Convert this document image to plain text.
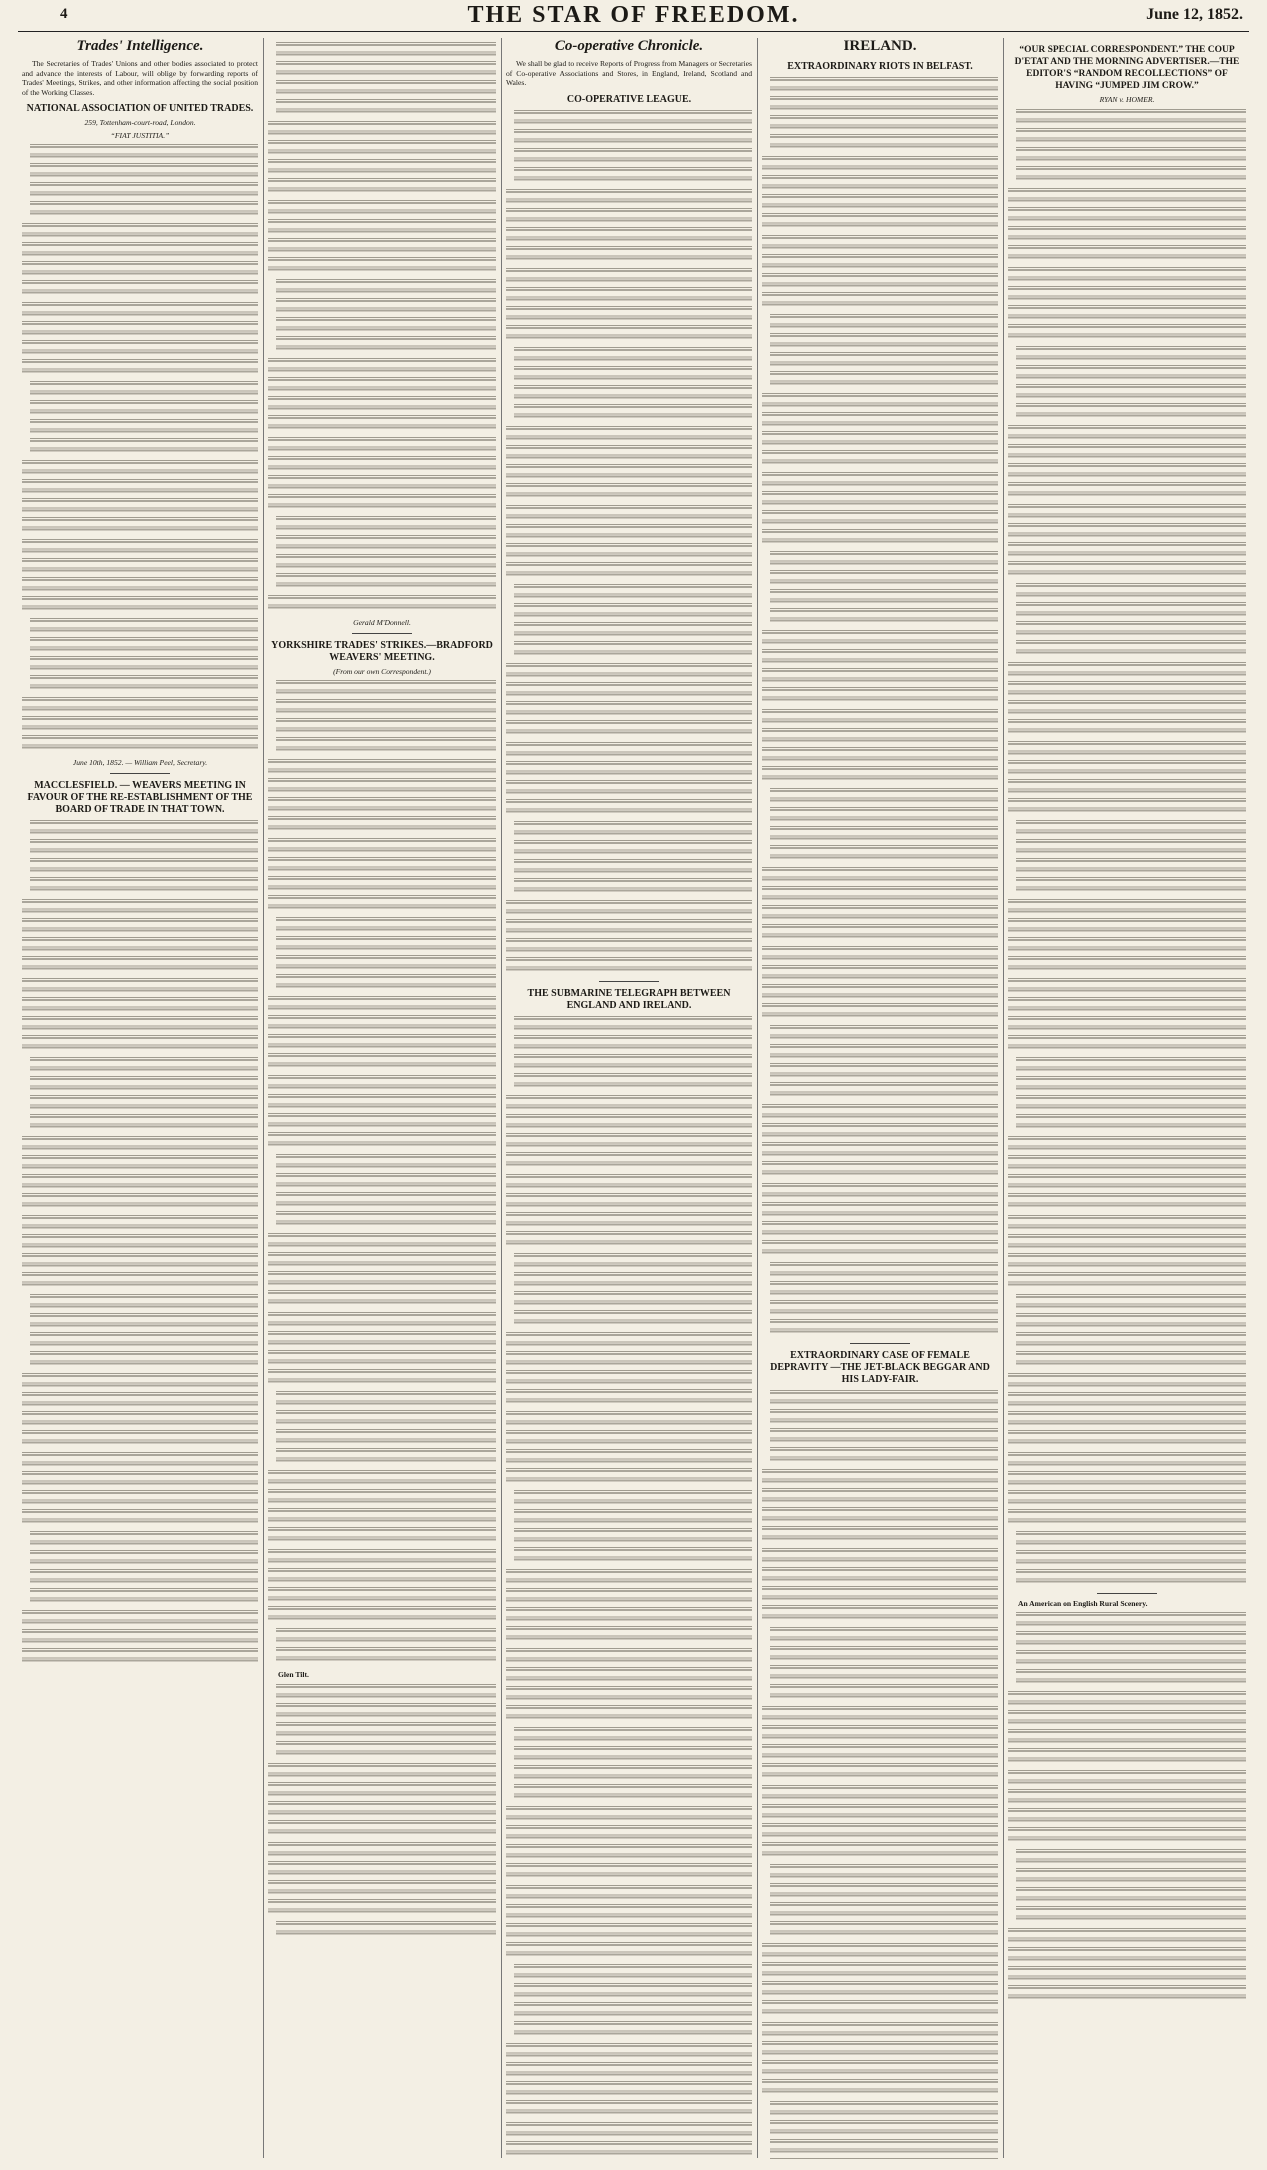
4	THE STAR OF FREEDOM.	June 12, 1852.
Trades' Intelligence.

The Secretaries of Trades' Unions and other bodies associated to protect and advance the interests of Labour, will oblige by forwarding reports of Trades' Meetings, Strikes, and other information affecting the social position of the Working Classes.

NATIONAL ASSOCIATION OF UNITED TRADES.

259, Tottenham-court-road, London.

“FIAT JUSTITIA.”

June 10th, 1852. — William Peel, Secretary.

MACCLESFIELD. — WEAVERS MEETING IN FAVOUR OF THE RE-ESTABLISHMENT OF THE BOARD OF TRADE IN THAT TOWN.

Gerald M'Donnell.

YORKSHIRE TRADES' STRIKES.—BRADFORD WEAVERS' MEETING.

(From our own Correspondent.)

Glen Tilt.

Co-operative Chronicle.

We shall be glad to receive Reports of Progress from Managers or Secretaries of Co-operative Associations and Stores, in England, Ireland, Scotland and Wales.

CO-OPERATIVE LEAGUE.
THE SUBMARINE TELEGRAPH BETWEEN ENGLAND AND IRELAND.
IRELAND.
EXTRAORDINARY RIOTS IN BELFAST.
EXTRAORDINARY CASE OF FEMALE DEPRAVITY —THE JET-BLACK BEGGAR AND HIS LADY-FAIR.
“OUR SPECIAL CORRESPONDENT.” THE COUP D'ETAT AND THE MORNING ADVERTISER.—THE EDITOR'S “RANDOM RECOLLECTIONS” OF HAVING “JUMPED JIM CROW.”

RYAN v. HOMER.

An American on English Rural Scenery.
